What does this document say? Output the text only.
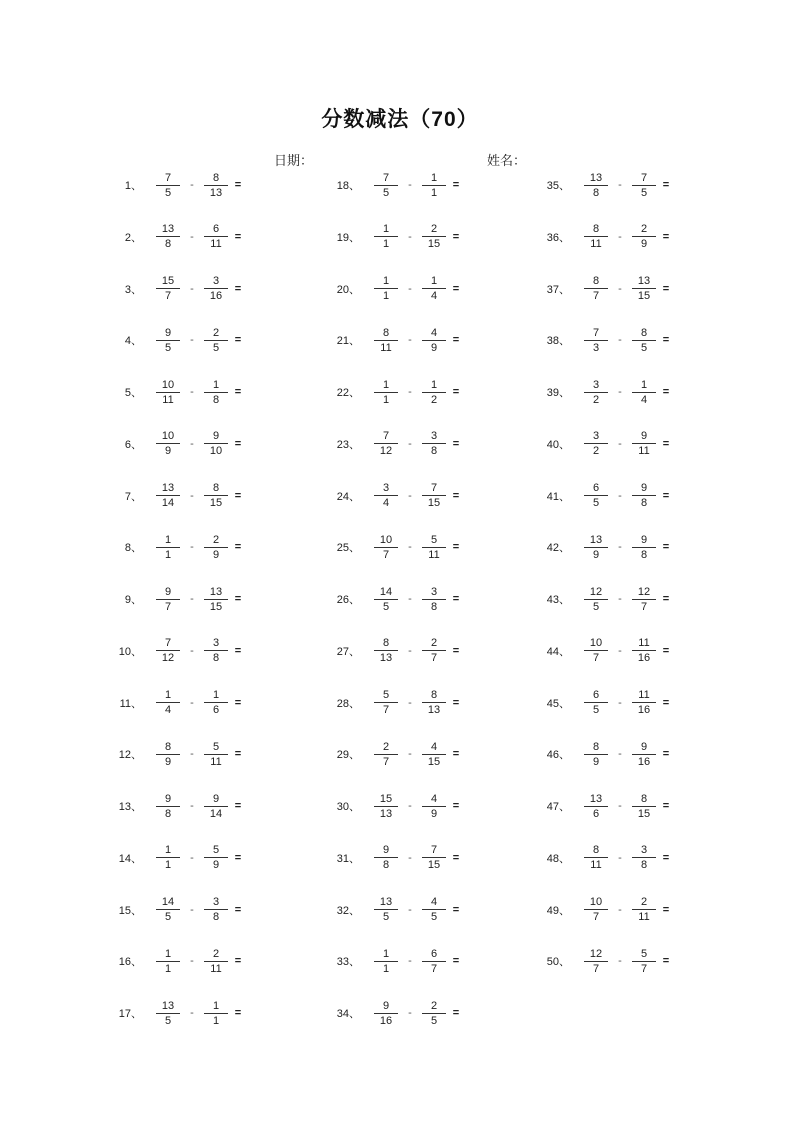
分数减法（70）
日期：	姓名：
1、 $\frac{7}{5} - \frac{8}{13}$ =
2、 $\frac{13}{8} - \frac{6}{11}$ =
3、 $\frac{15}{7} - \frac{3}{16}$ =
4、 $\frac{9}{5} - \frac{2}{5}$ =
5、 $\frac{10}{11} - \frac{1}{8}$ =
6、 $\frac{10}{9} - \frac{9}{10}$ =
7、 $\frac{13}{14} - \frac{8}{15}$ =
8、 $\frac{1}{1} - \frac{2}{9}$ =
9、 $\frac{9}{7} - \frac{13}{15}$ =
10、 $\frac{7}{12} - \frac{3}{8}$ =
11、 $\frac{1}{4} - \frac{1}{6}$ =
12、 $\frac{8}{9} - \frac{5}{11}$ =
13、 $\frac{9}{8} - \frac{9}{14}$ =
14、 $\frac{1}{1} - \frac{5}{9}$ =
15、 $\frac{14}{5} - \frac{3}{8}$ =
16、 $\frac{1}{1} - \frac{2}{11}$ =
17、 $\frac{13}{5} - \frac{1}{1}$ =
18、 $\frac{7}{5} - \frac{1}{1}$ =
19、 $\frac{1}{1} - \frac{2}{15}$ =
20、 $\frac{1}{1} - \frac{1}{4}$ =
21、 $\frac{8}{11} - \frac{4}{9}$ =
22、 $\frac{1}{1} - \frac{1}{2}$ =
23、 $\frac{7}{12} - \frac{3}{8}$ =
24、 $\frac{3}{4} - \frac{7}{15}$ =
25、 $\frac{10}{7} - \frac{5}{11}$ =
26、 $\frac{14}{5} - \frac{3}{8}$ =
27、 $\frac{8}{13} - \frac{2}{7}$ =
28、 $\frac{5}{7} - \frac{8}{13}$ =
29、 $\frac{2}{7} - \frac{4}{15}$ =
30、 $\frac{15}{13} - \frac{4}{9}$ =
31、 $\frac{9}{8} - \frac{7}{15}$ =
32、 $\frac{13}{5} - \frac{4}{5}$ =
33、 $\frac{1}{1} - \frac{6}{7}$ =
34、 $\frac{9}{16} - \frac{2}{5}$ =
35、 $\frac{13}{8} - \frac{7}{5}$ =
36、 $\frac{8}{11} - \frac{2}{9}$ =
37、 $\frac{8}{7} - \frac{13}{15}$ =
38、 $\frac{7}{3} - \frac{8}{5}$ =
39、 $\frac{3}{2} - \frac{1}{4}$ =
40、 $\frac{3}{2} - \frac{9}{11}$ =
41、 $\frac{6}{5} - \frac{9}{8}$ =
42、 $\frac{13}{9} - \frac{9}{8}$ =
43、 $\frac{12}{5} - \frac{12}{7}$ =
44、 $\frac{10}{7} - \frac{11}{16}$ =
45、 $\frac{6}{5} - \frac{11}{16}$ =
46、 $\frac{8}{9} - \frac{9}{16}$ =
47、 $\frac{13}{6} - \frac{8}{15}$ =
48、 $\frac{8}{11} - \frac{3}{8}$ =
49、 $\frac{10}{7} - \frac{2}{11}$ =
50、 $\frac{12}{7} - \frac{5}{7}$ =
